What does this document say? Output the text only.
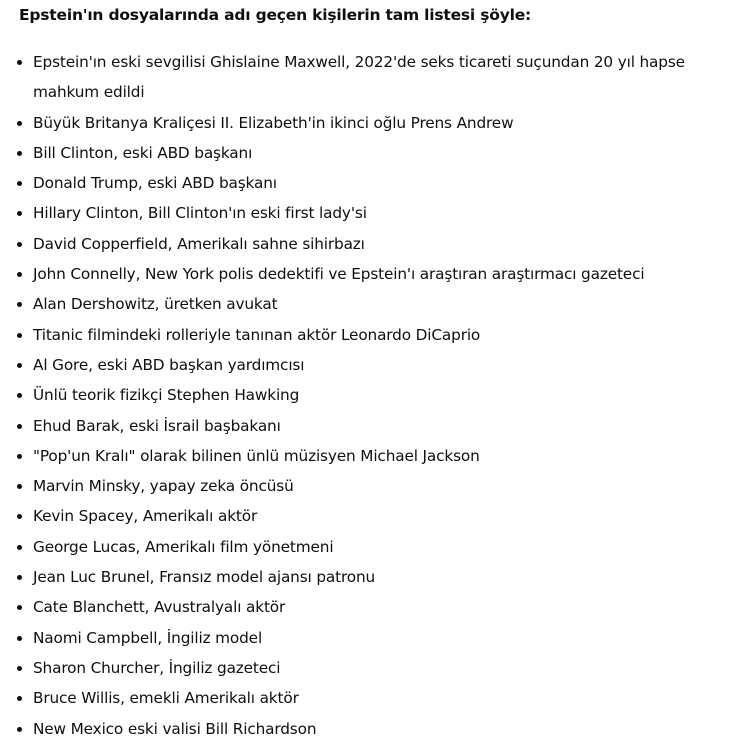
Epstein'ın dosyalarında adı geçen kişilerin tam listesi şöyle:
Epstein'ın eski sevgilisi Ghislaine Maxwell, 2022'de seks ticareti suçundan 20 yıl hapse mahkum edildi
Büyük Britanya Kraliçesi II. Elizabeth'in ikinci oğlu Prens Andrew
Bill Clinton, eski ABD başkanı
Donald Trump, eski ABD başkanı
Hillary Clinton, Bill Clinton'ın eski first lady'si
David Copperfield, Amerikalı sahne sihirbazı
John Connelly, New York polis dedektifi ve Epstein'ı araştıran araştırmacı gazeteci
Alan Dershowitz, üretken avukat
Titanic filmindeki rolleriyle tanınan aktör Leonardo DiCaprio
Al Gore, eski ABD başkan yardımcısı
Ünlü teorik fizikçi Stephen Hawking
Ehud Barak, eski İsrail başbakanı
"Pop'un Kralı" olarak bilinen ünlü müzisyen Michael Jackson
Marvin Minsky, yapay zeka öncüsü
Kevin Spacey, Amerikalı aktör
George Lucas, Amerikalı film yönetmeni
Jean Luc Brunel, Fransız model ajansı patronu
Cate Blanchett, Avustralyalı aktör
Naomi Campbell, İngiliz model
Sharon Churcher, İngiliz gazeteci
Bruce Willis, emekli Amerikalı aktör
New Mexico eski valisi Bill Richardson
